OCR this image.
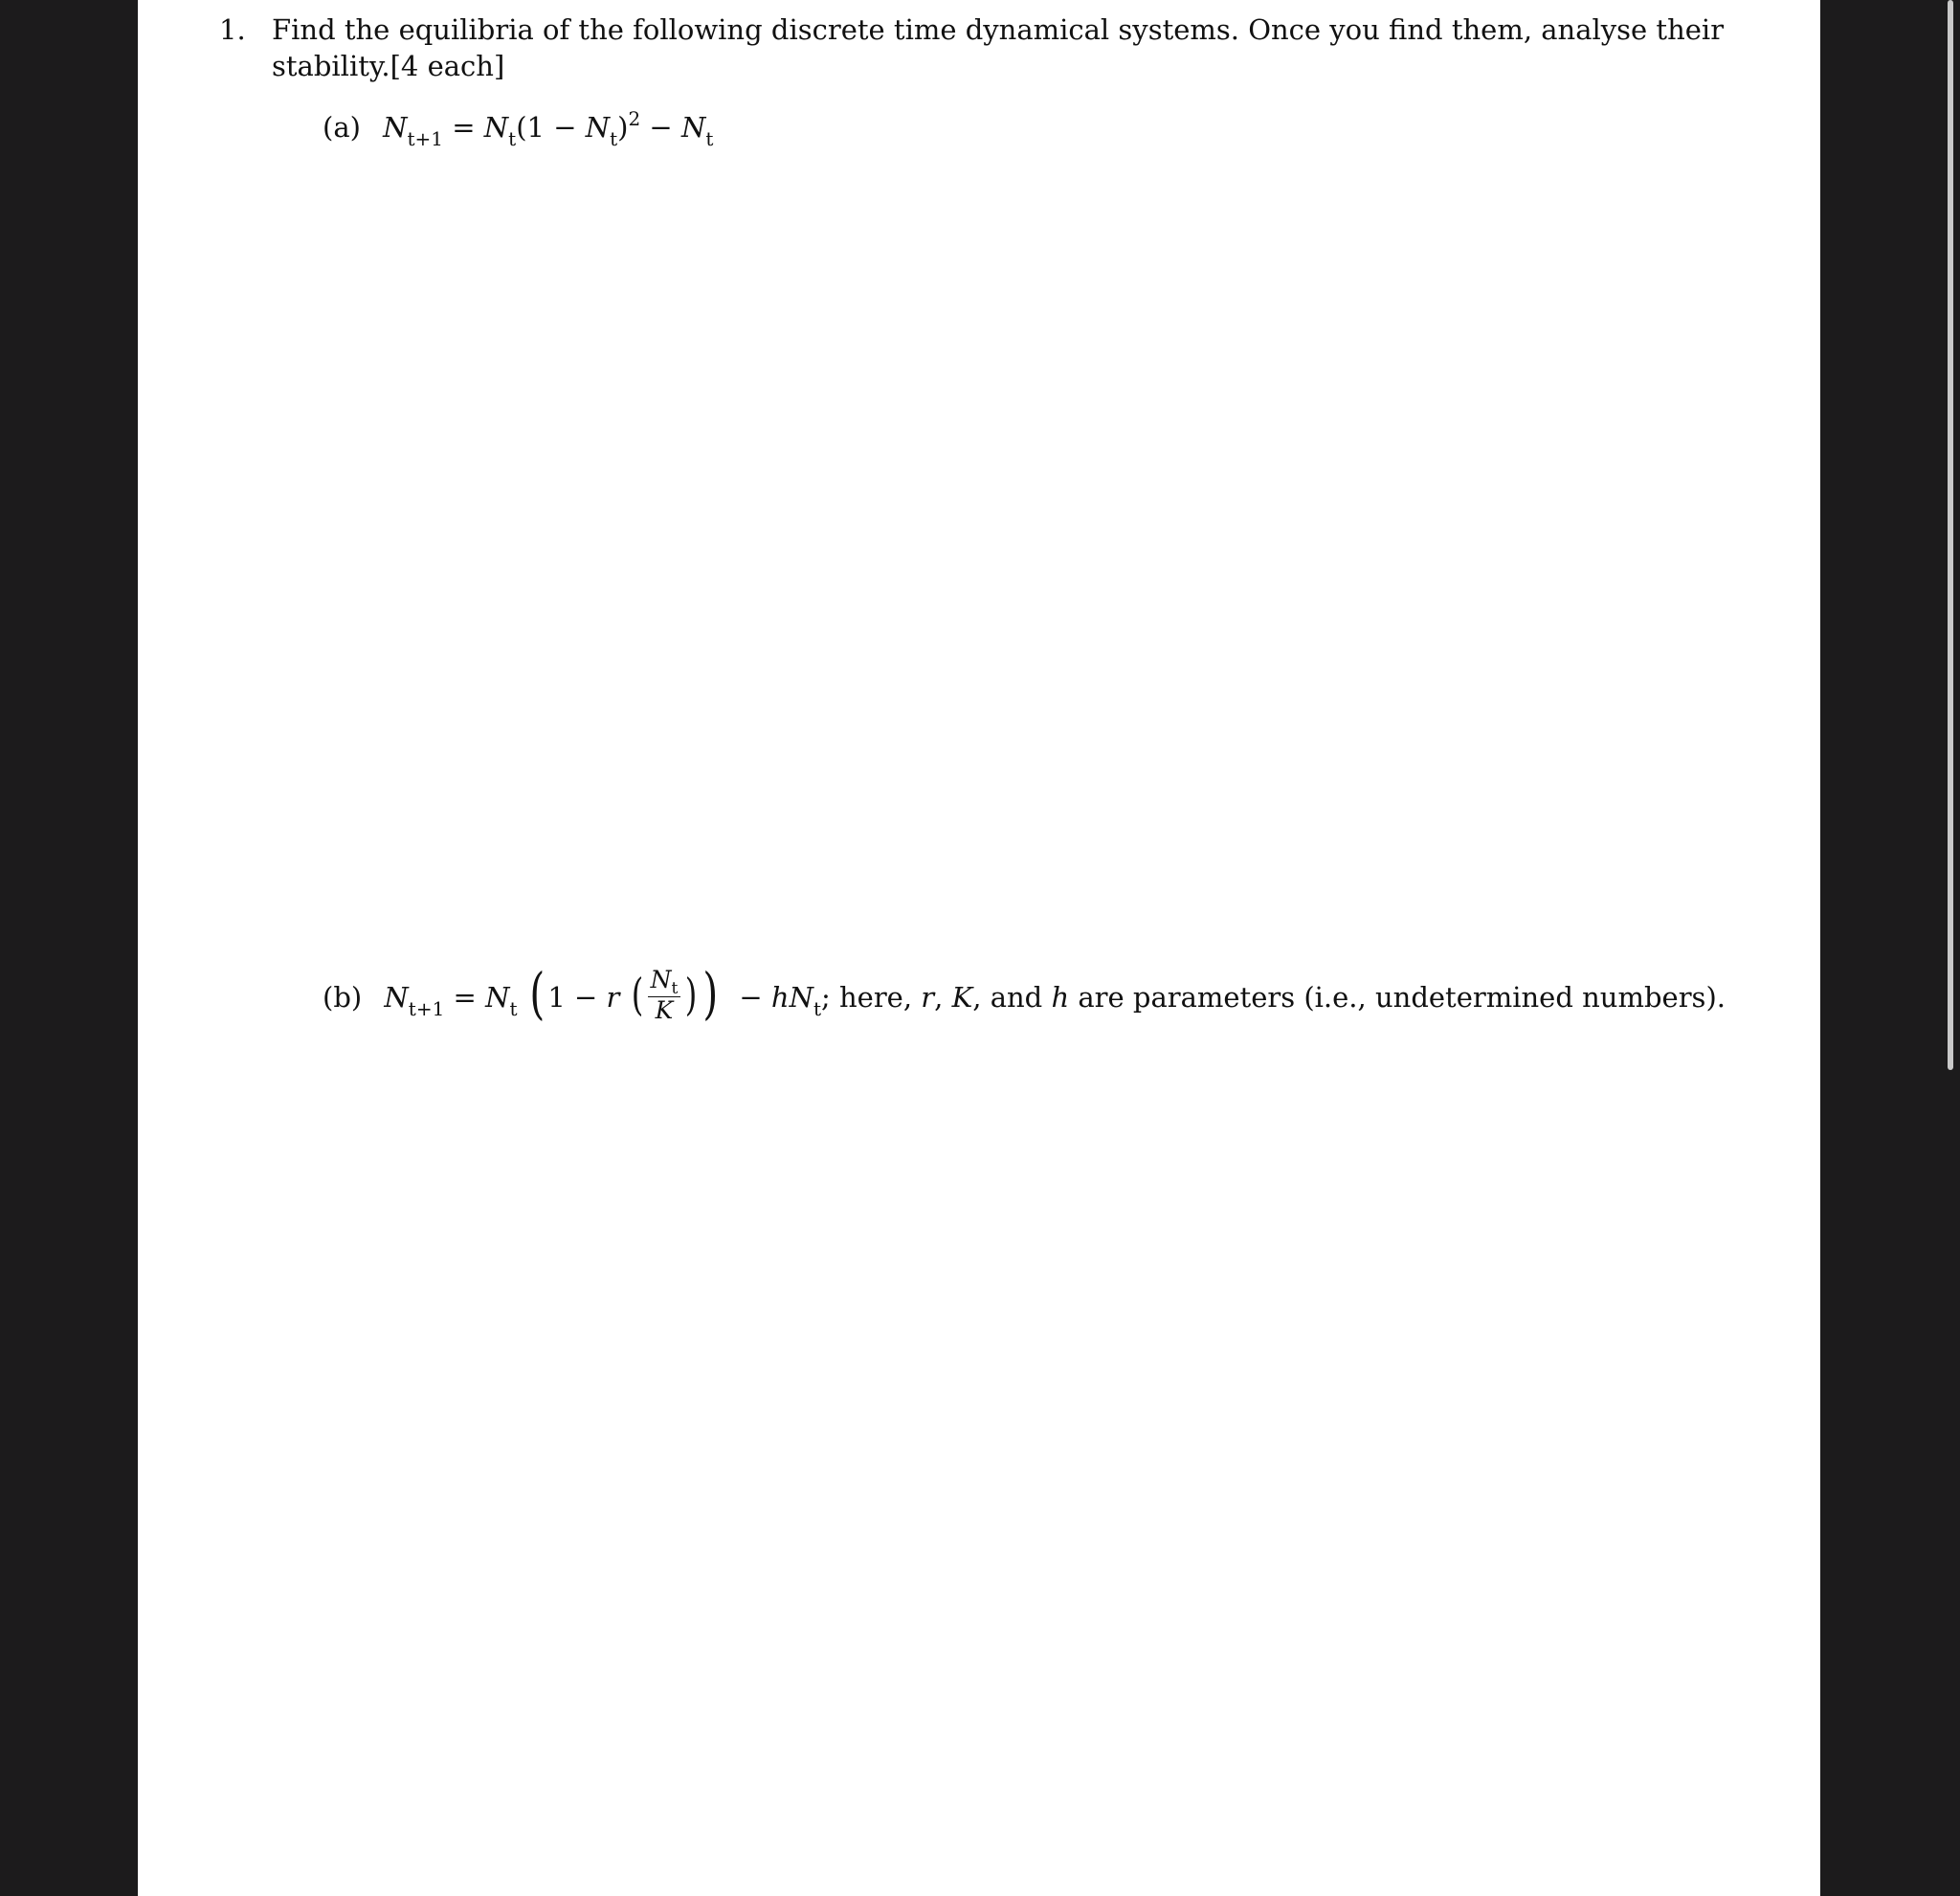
1. Find the equilibria of the following discrete time dynamical systems. Once you find them, analyse their stability.[4 each]
(a) $N_{t+1} = N_t(1 - N_t)^2 - N_t$
(b) $N_{t+1} = N_t$ ( 1 − r ( $\frac{N_t}{K}$ ) )  − $hN_t$; here, r, K, and h are parameters (i.e., undetermined numbers).
